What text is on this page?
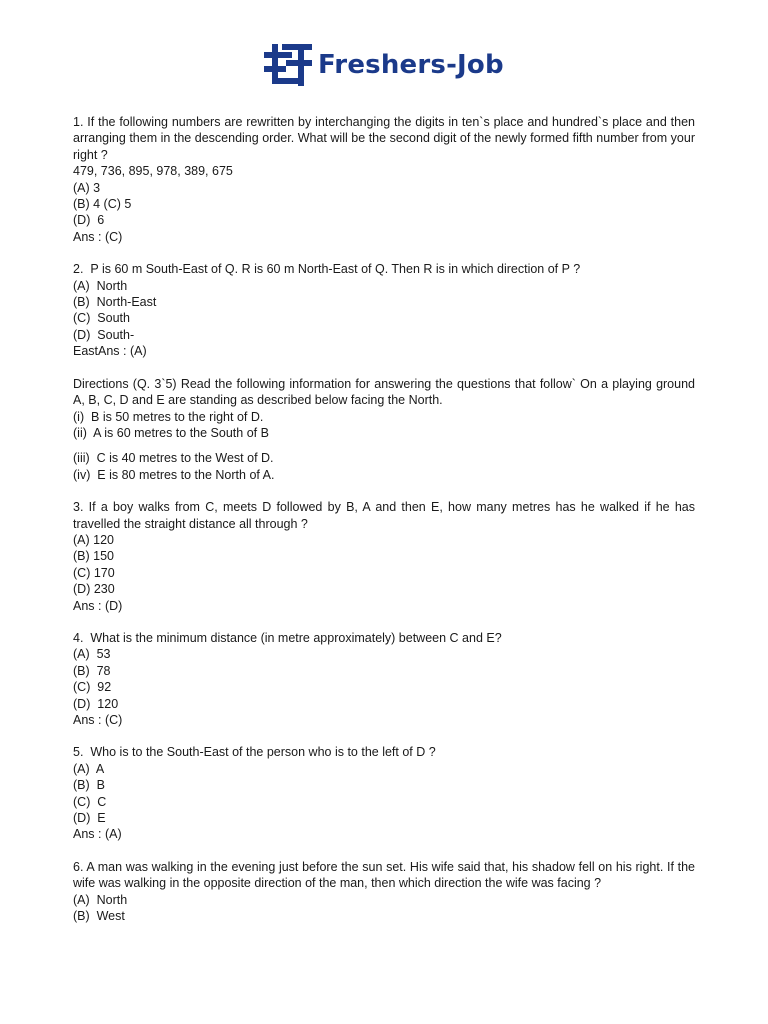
Freshers-Job
1. If the following numbers are rewritten by interchanging the digits in ten`s place and hundred`s place and then arranging them in the descending order. What will be the second digit of the newly formed fifth number from your right ?
479, 736, 895, 978, 389, 675
(A) 3
(B) 4 (C) 5
(D)  6
Ans : (C)
2.  P is 60 m South-East of Q. R is 60 m North-East of Q. Then R is in which direction of P ?
(A)  North
(B)  North-East
(C)  South
(D)  South-
EastAns : (A)
Directions (Q. 3`5) Read the following information for answering the questions that follow` On a playing ground A, B, C, D and E are standing as described below facing the North.
(i)  B is 50 metres to the right of D.
(ii)  A is 60 metres to the South of B
(iii)  C is 40 metres to the West of D.
(iv)  E is 80 metres to the North of A.
3. If a boy walks from C, meets D followed by B, A and then E, how many metres has he walked if he has travelled the straight distance all through ?
(A) 120
(B) 150
(C) 170
(D) 230
Ans : (D)
4.  What is the minimum distance (in metre approximately) between C and E?
(A)  53
(B)  78
(C)  92
(D)  120
Ans : (C)
5.  Who is to the South-East of the person who is to the left of D ?
(A)  A
(B)  B
(C)  C
(D)  E
Ans : (A)
6. A man was walking in the evening just before the sun set. His wife said that, his shadow fell on his right. If the wife was walking in the opposite direction of the man, then which direction the wife was facing ?
(A)  North
(B)  West
